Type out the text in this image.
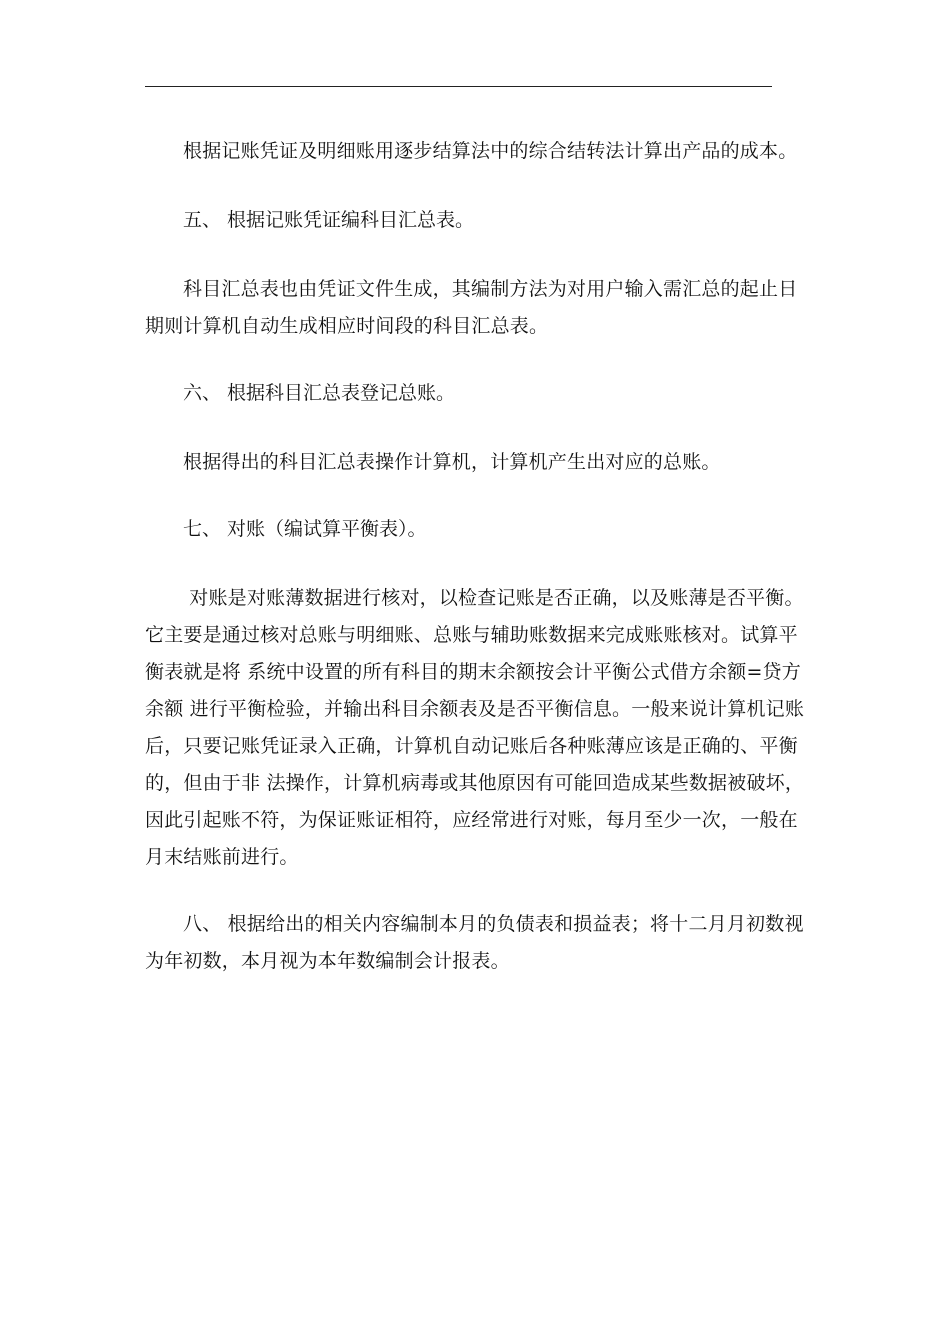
根据记账凭证及明细账用逐步结算法中的综合结转法计算出产品的成本。

五、 根据记账凭证编科目汇总表。

科目汇总表也由凭证文件生成，其编制方法为对用户输入需汇总的起止日期则计算机自动生成相应时间段的科目汇总表。

六、 根据科目汇总表登记总账。

根据得出的科目汇总表操作计算机，计算机产生出对应的总账。

七、 对账（编试算平衡表）。

对账是对账薄数据进行核对，以检查记账是否正确，以及账薄是否平衡。它主要是通过核对总账与明细账、总账与辅助账数据来完成账账核对。试算平衡表就是将 系统中设置的所有科目的期末余额按会计平衡公式借方余额=贷方余额 进行平衡检验，并输出科目余额表及是否平衡信息。一般来说计算机记账后，只要记账凭证录入正确，计算机自动记账后各种账薄应该是正确的、平衡的，但由于非 法操作，计算机病毒或其他原因有可能回造成某些数据被破坏，因此引起账不符，为保证账证相符，应经常进行对账，每月至少一次，一般在月末结账前进行。

八、 根据给出的相关内容编制本月的负债表和损益表；将十二月月初数视为年初数，本月视为本年数编制会计报表。
